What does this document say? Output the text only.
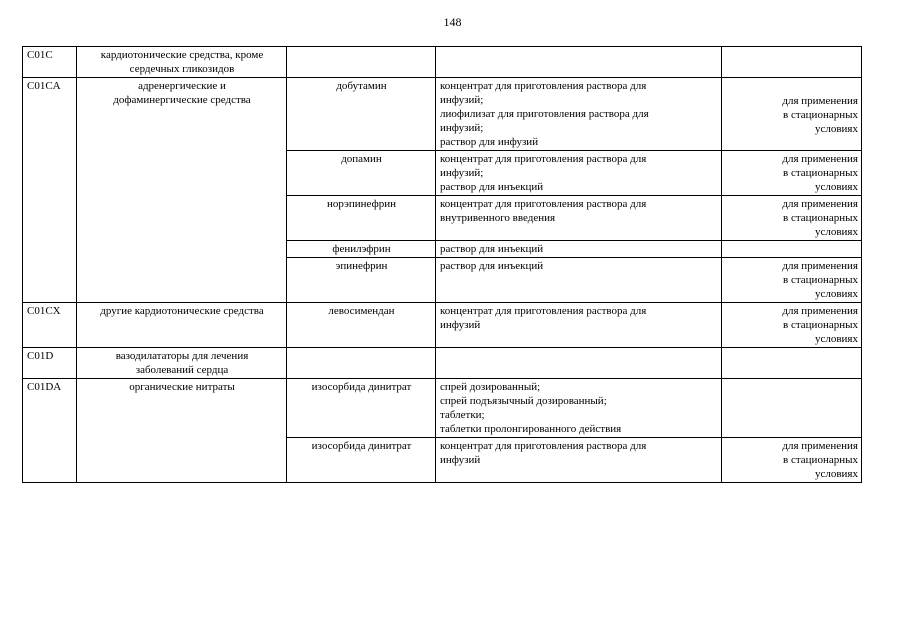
148
C01C	кардиотонические средства, кроме
сердечных гликозидов			
C01CA	адренергические и
дофаминергические средства	добутамин	концентрат для приготовления раствора для
инфузий;
лиофилизат для приготовления раствора для
инфузий;
раствор для инфузий	для применения
в стационарных
условиях
		допамин	концентрат для приготовления раствора для
инфузий;
раствор для инъекций	для применения
в стационарных
условиях
		норэпинефрин	концентрат для приготовления раствора для
внутривенного введения	для применения
в стационарных
условиях
		фенилэфрин	раствор для инъекций	
		эпинефрин	раствор для инъекций	для применения
в стационарных
условиях
C01CX	другие кардиотонические средства	левосимендан	концентрат для приготовления раствора для
инфузий	для применения
в стационарных
условиях
C01D	вазодилататоры для лечения
заболеваний сердца			
C01DA	органические нитраты	изосорбида динитрат	спрей дозированный;
спрей подъязычный дозированный;
таблетки;
таблетки пролонгированного действия	
		изосорбида динитрат	концентрат для приготовления раствора для
инфузий	для применения
в стационарных
условиях
